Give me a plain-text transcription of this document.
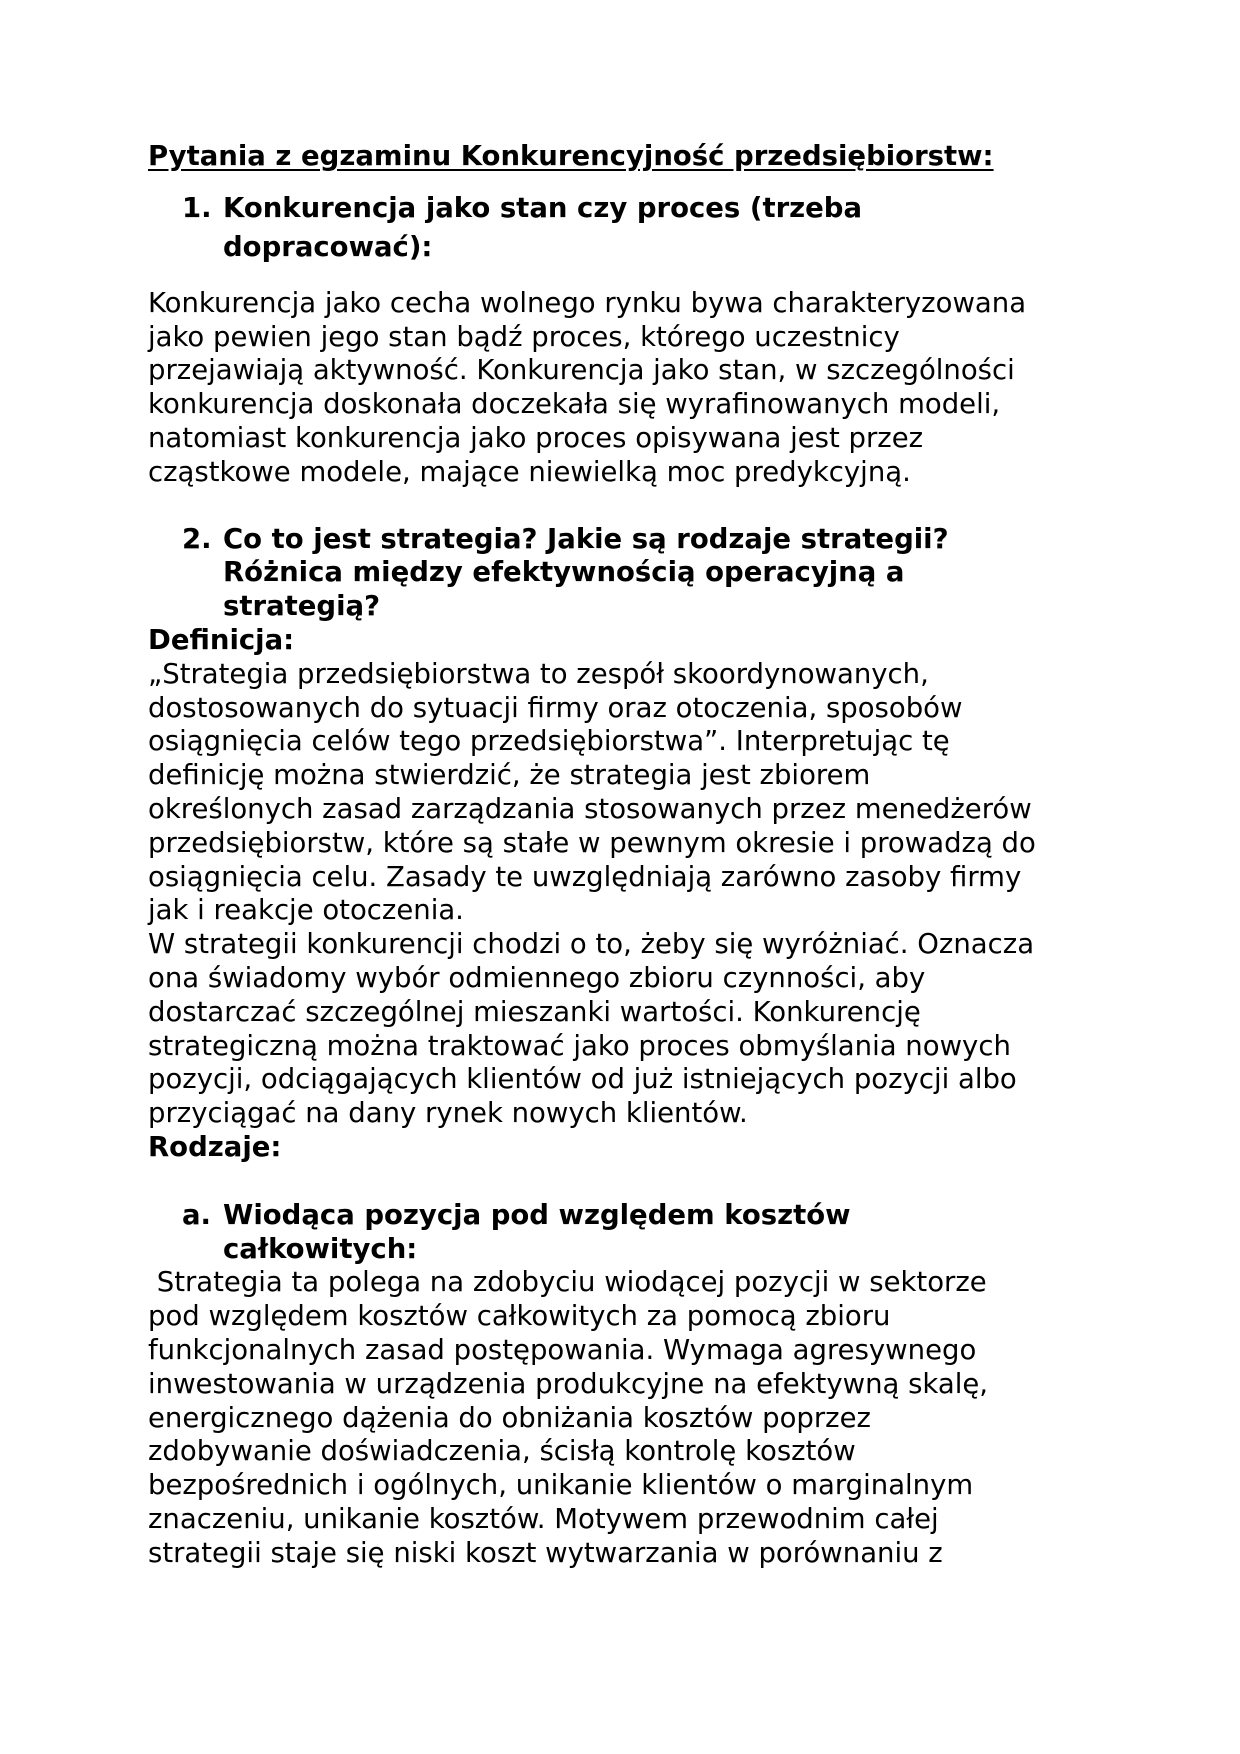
Pytania z egzaminu Konkurencyjność przedsiębiorstw:

1. Konkurencja jako stan czy proces (trzeba
dopracować):
Konkurencja jako cecha wolnego rynku bywa charakteryzowana
jako pewien jego stan bądź proces, którego uczestnicy
przejawiają aktywność. Konkurencja jako stan, w szczególności
konkurencja doskonała doczekała się wyrafinowanych modeli,
natomiast konkurencja jako proces opisywana jest przez
cząstkowe modele, mające niewielką moc predykcyjną.
2. Co to jest strategia? Jakie są rodzaje strategii?
Różnica między efektywnością operacyjną a
strategią?
Definicja:
„Strategia przedsiębiorstwa to zespół skoordynowanych,
dostosowanych do sytuacji firmy oraz otoczenia, sposobów
osiągnięcia celów tego przedsiębiorstwa”. Interpretując tę
definicję można stwierdzić, że strategia jest zbiorem
określonych zasad zarządzania stosowanych przez menedżerów
przedsiębiorstw, które są stałe w pewnym okresie i prowadzą do
osiągnięcia celu. Zasady te uwzględniają zarówno zasoby firmy
jak i reakcje otoczenia.
W strategii konkurencji chodzi o to, żeby się wyróżniać. Oznacza
ona świadomy wybór odmiennego zbioru czynności, aby
dostarczać szczególnej mieszanki wartości. Konkurencję
strategiczną można traktować jako proces obmyślania nowych
pozycji, odciągających klientów od już istniejących pozycji albo
przyciągać na dany rynek nowych klientów.
Rodzaje:
a. Wiodąca pozycja pod względem kosztów
całkowitych:
Strategia ta polega na zdobyciu wiodącej pozycji w sektorze
pod względem kosztów całkowitych za pomocą zbioru
funkcjonalnych zasad postępowania. Wymaga agresywnego
inwestowania w urządzenia produkcyjne na efektywną skalę,
energicznego dążenia do obniżania kosztów poprzez
zdobywanie doświadczenia, ścisłą kontrolę kosztów
bezpośrednich i ogólnych, unikanie klientów o marginalnym
znaczeniu, unikanie kosztów. Motywem przewodnim całej
strategii staje się niski koszt wytwarzania w porównaniu z
